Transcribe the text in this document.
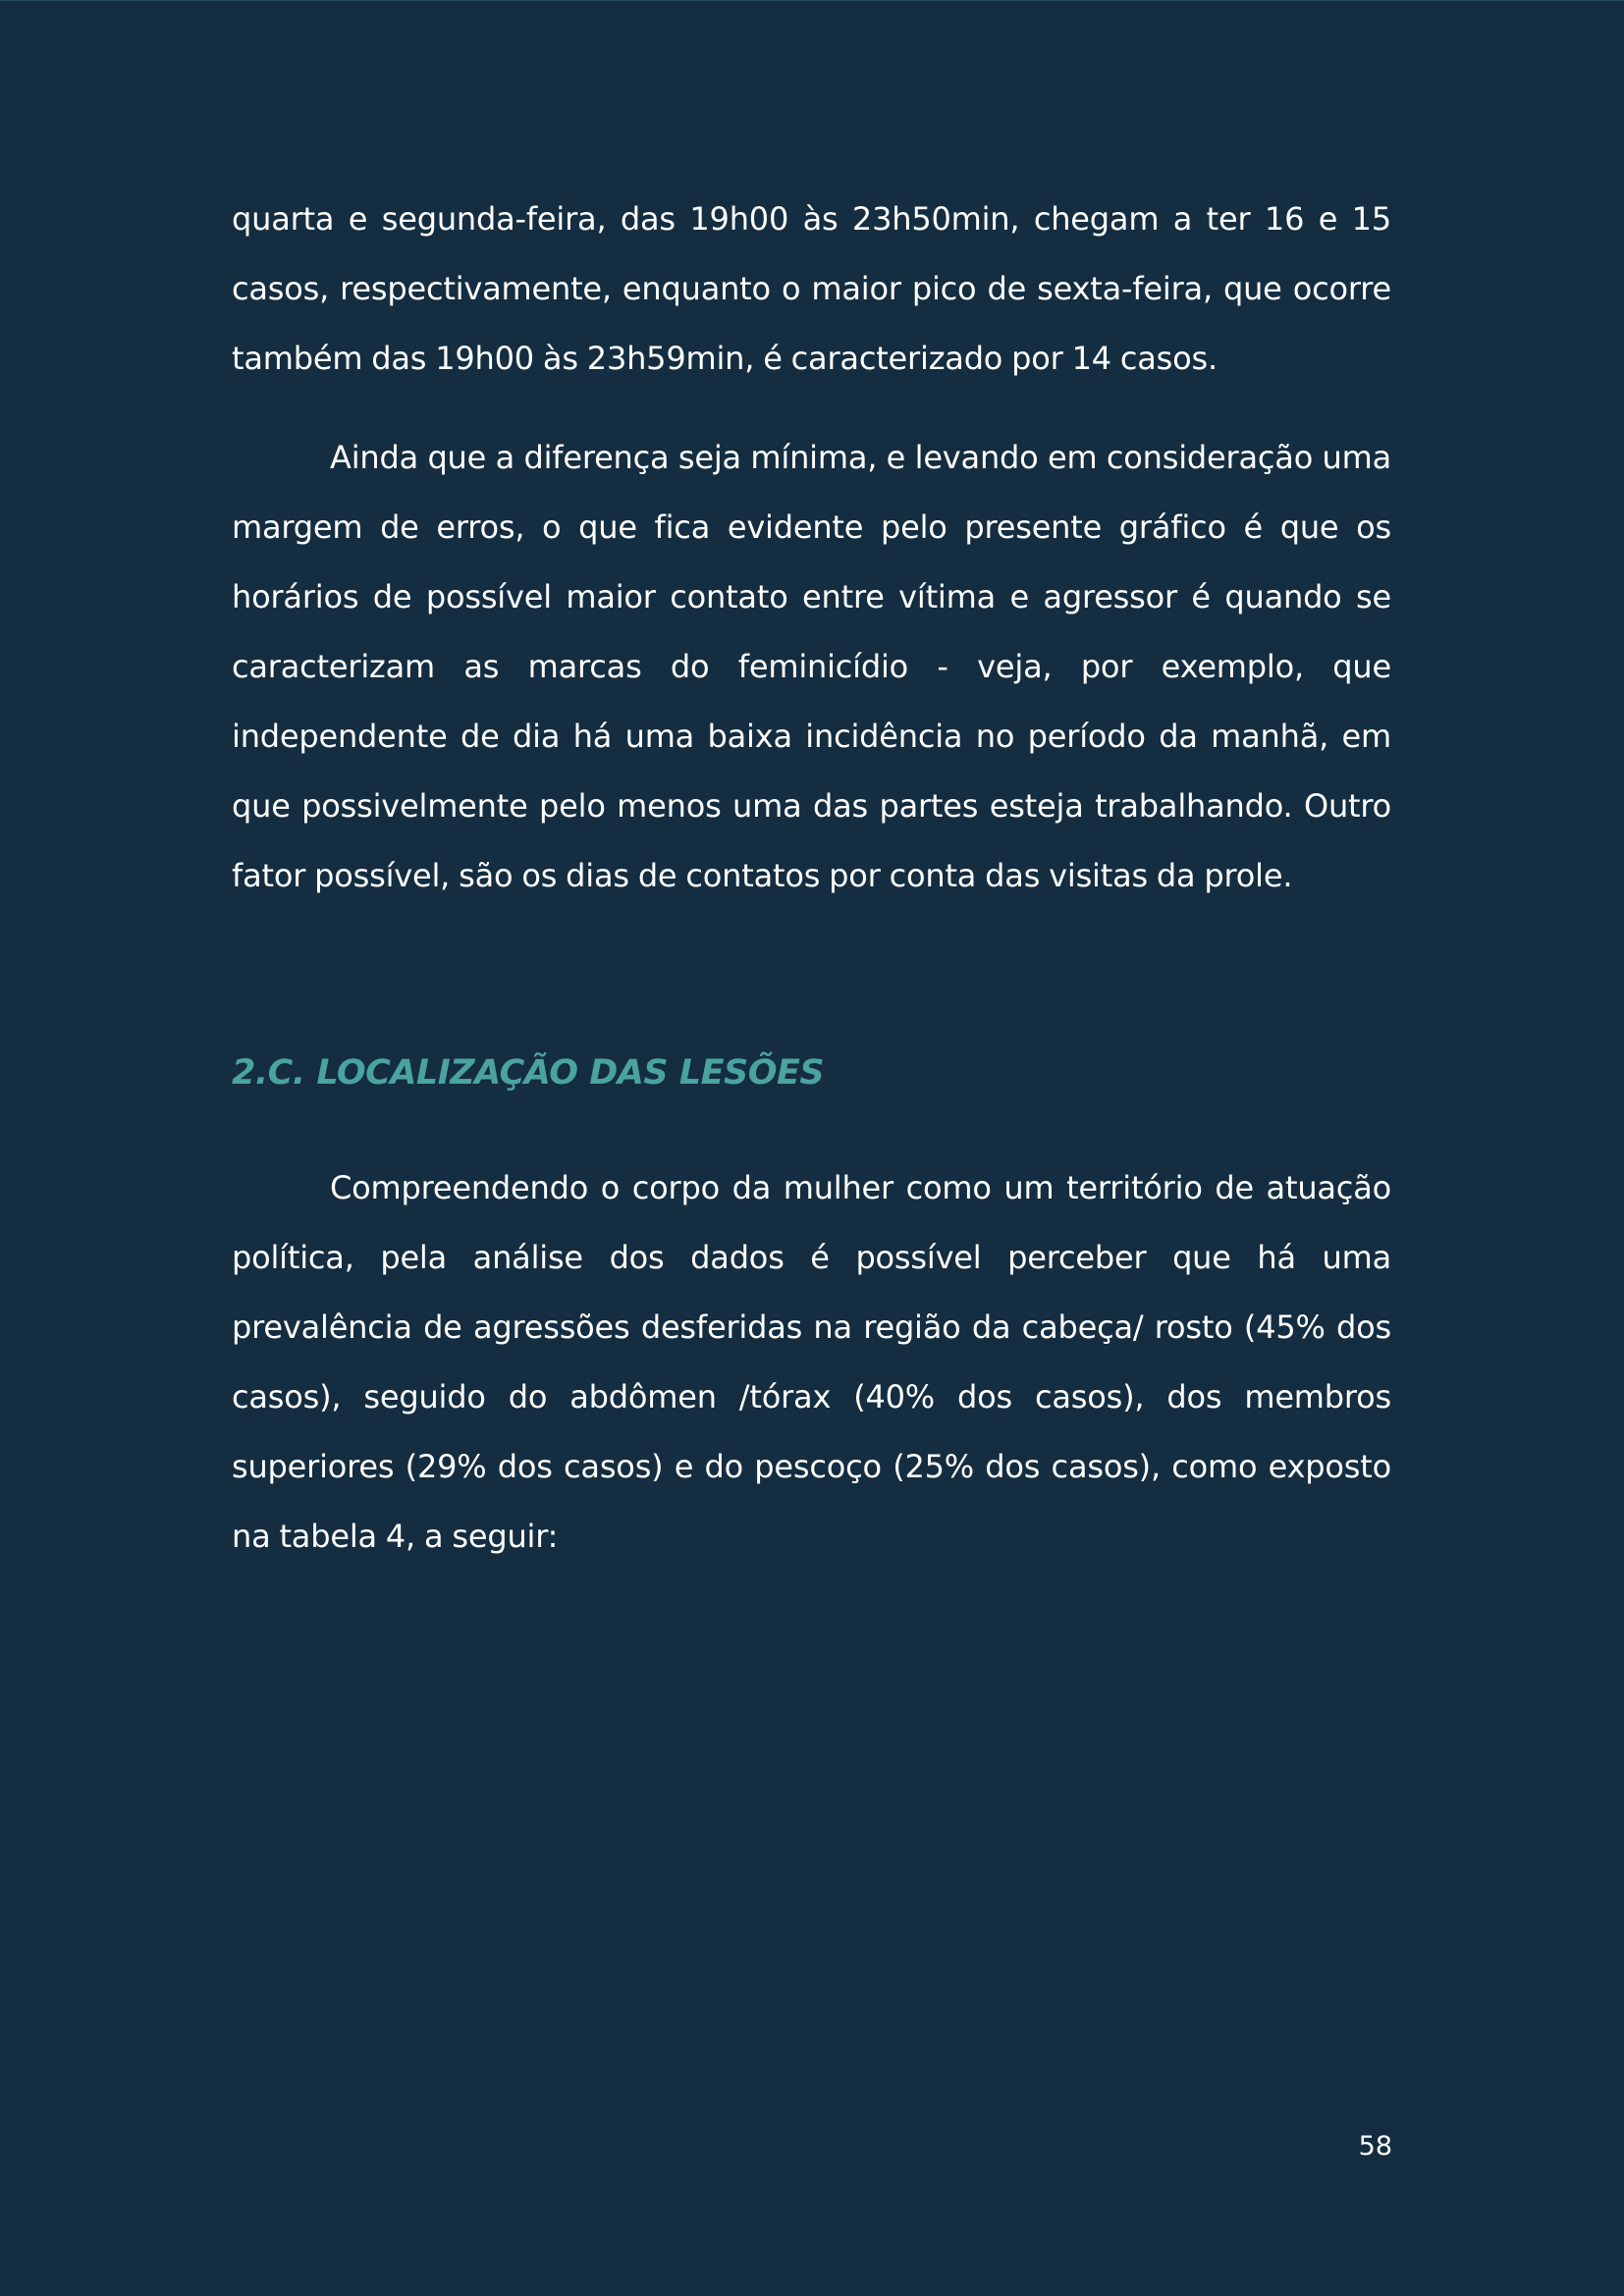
quarta e segunda-feira, das 19h00 às 23h50min, chegam a ter 16 e 15 casos, respectivamente, enquanto o maior pico de sexta-feira, que ocorre também das 19h00 às 23h59min, é caracterizado por 14 casos.

Ainda que a diferença seja mínima, e levando em consideração uma margem de erros, o que fica evidente pelo presente gráfico é que os horários de possível maior contato entre vítima e agressor é quando se caracterizam as marcas do feminicídio - veja, por exemplo, que independente de dia há uma baixa incidência no período da manhã, em que possivelmente pelo menos uma das partes esteja trabalhando. Outro fator possível, são os dias de contatos por conta das visitas da prole.

2.C. LOCALIZAÇÃO DAS LESÕES

Compreendendo o corpo da mulher como um território de atuação política, pela análise dos dados é possível perceber que há uma prevalência de agressões desferidas na região da cabeça/ rosto (45% dos casos), seguido do abdômen /tórax (40% dos casos), dos membros superiores (29% dos casos) e do pescoço (25% dos casos), como exposto na tabela 4, a seguir:

58
